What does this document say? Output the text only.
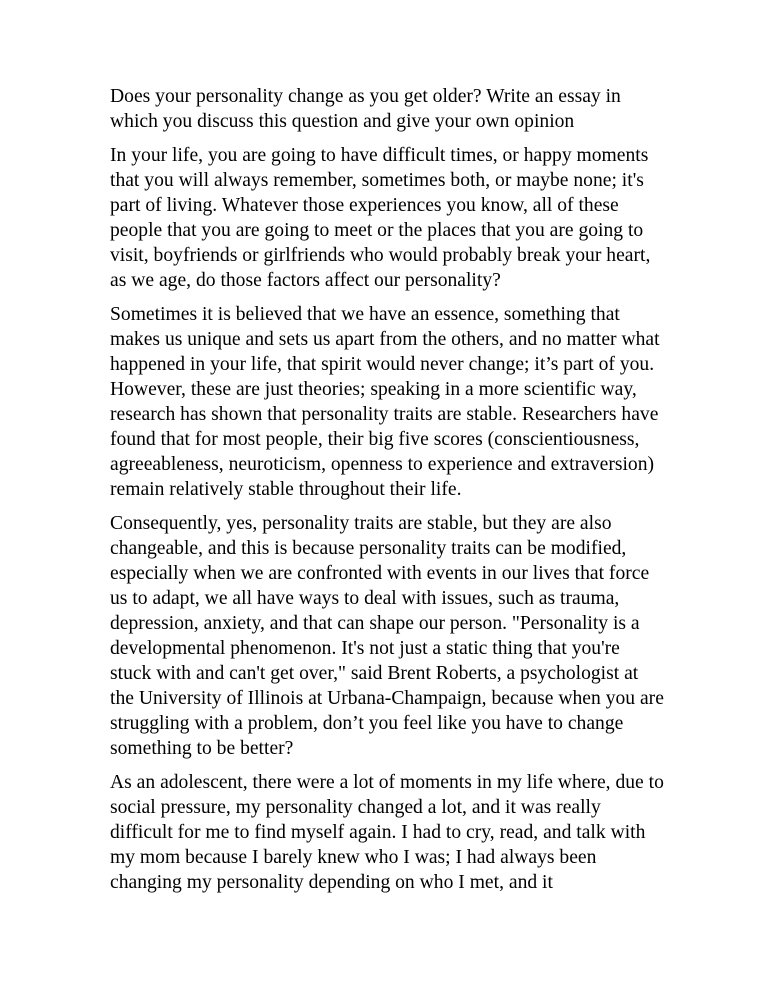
Does your personality change as you get older? Write an essay in which you discuss this question and give your own opinion

In your life, you are going to have difficult times, or happy moments that you will always remember, sometimes both, or maybe none; it's part of living. Whatever those experiences you know, all of these people that you are going to meet or the places that you are going to visit, boyfriends or girlfriends who would probably break your heart, as we age, do those factors affect our personality?

Sometimes it is believed that we have an essence, something that makes us unique and sets us apart from the others, and no matter what happened in your life, that spirit would never change; it’s part of you. However, these are just theories; speaking in a more scientific way, research has shown that personality traits are stable. Researchers have found that for most people, their big five scores (conscientiousness, agreeableness, neuroticism, openness to experience and extraversion) remain relatively stable throughout their life.

Consequently, yes, personality traits are stable, but they are also changeable, and this is because personality traits can be modified, especially when we are confronted with events in our lives that force us to adapt, we all have ways to deal with issues, such as trauma, depression, anxiety, and that can shape our person. "Personality is a developmental phenomenon. It's not just a static thing that you're stuck with and can't get over," said Brent Roberts, a psychologist at the University of Illinois at Urbana-Champaign, because when you are struggling with a problem, don’t you feel like you have to change something to be better?

As an adolescent, there were a lot of moments in my life where, due to social pressure, my personality changed a lot, and it was really difficult for me to find myself again. I had to cry, read, and talk with my mom because I barely knew who I was; I had always been changing my personality depending on who I met, and it
